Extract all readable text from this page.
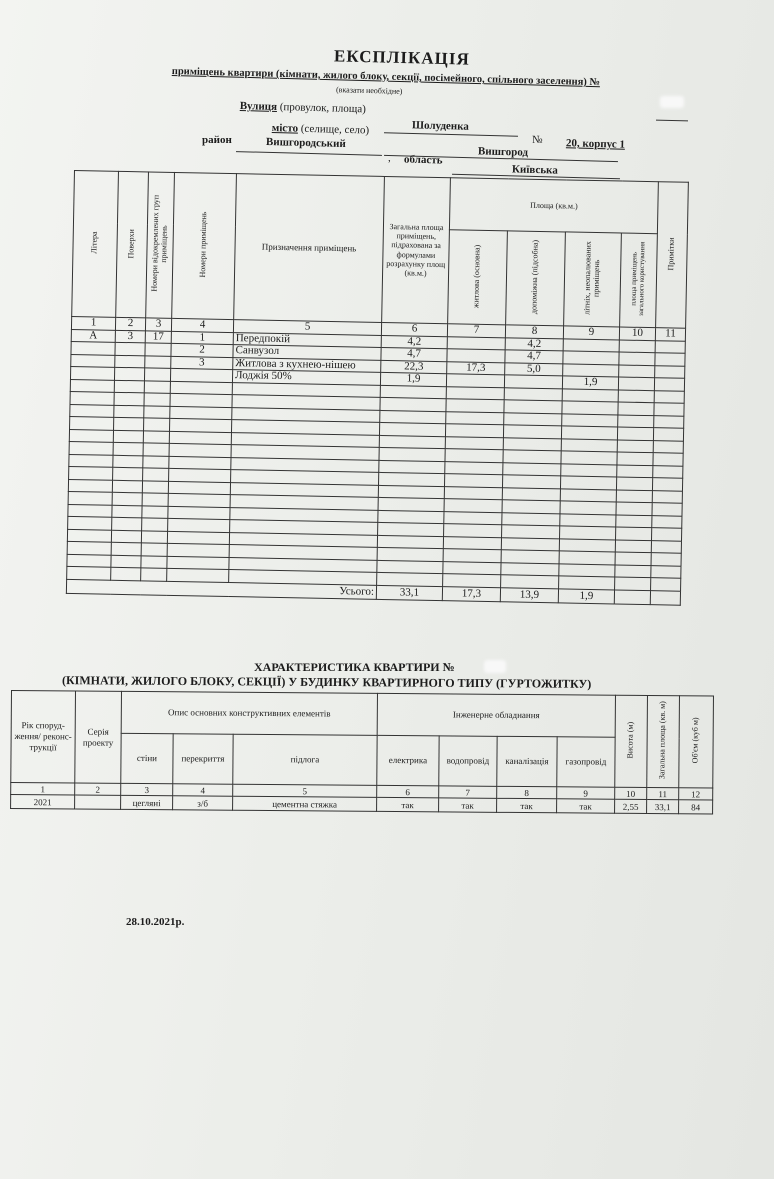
ЕКСПЛІКАЦІЯ
приміщень квартири (кімнати, жилого блоку, секції, посімейного, спільного заселення) №
(вказати необхідне)
Вулиця (провулок, площа)
Шолуденка
№ 20, корпус 1
місто (селище, село)
Вишгород
район	Вишгородський
, область
Київська
Літера	Поверхи	Номери відокремлених груп приміщень	Номери приміщень	Призначення приміщень	Загальна площа приміщень, підрахована за формулами розрахунку площ (кв.м.)	Площа (кв.м.)				Примітки
						житлова (основна)	допоміжна (підсобна)	літніх, неопалюваних приміщень	площа приміщень загального користування	
1	2	3	4	5	6	7	8	9	10	11
А	3	17	1	Передпокій	4,2		4,2			
			2	Санвузол	4,7		4,7			
			3	Житлова з кухнею-нішею	22,3	17,3	5,0			
				Лоджія 50%	1,9			1,9		

Усього:					33,1	17,3	13,9	1,9		
ХАРАКТЕРИСТИКА КВАРТИРИ №
(КІМНАТИ, ЖИЛОГО БЛОКУ, СЕКЦІЇ) У БУДИНКУ КВАРТИРНОГО ТИПУ (ГУРТОЖИТКУ)
Рік споруд-ження/ реконс-трукції	Серія проекту	Опис основних конструктивних елементів			Інженерне обладнання				Висота (м)	Загальна площа (кв. м)	Об'єм (куб м)
		стіни	перекриття	підлога	електрика	водопровід	каналізація	газопровід			
1	2	3	4	5	6	7	8	9	10	11	12
2021		цегляні	з/б	цементна стяжка	так	так	так	так	2,55	33,1	84
28.10.2021р.
